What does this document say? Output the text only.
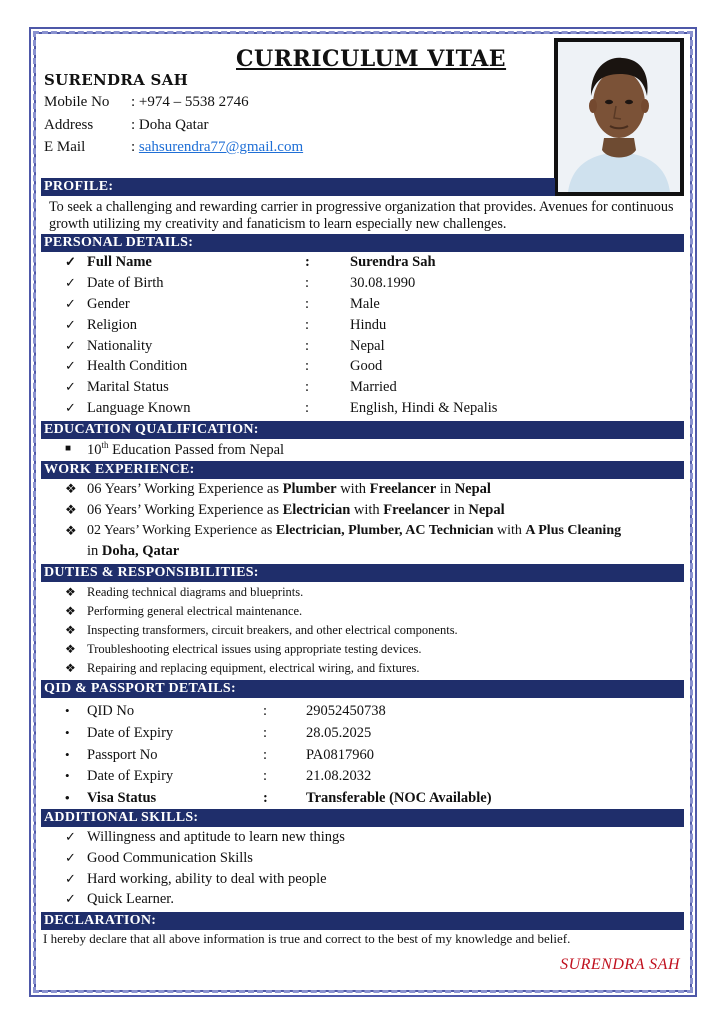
CURRICULUM VITAE
SURENDRA SAH
Mobile No : +974 – 5538 2746
Address	: Doha Qatar
E Mail	: sahsurendra77@gmail.com
PROFILE:
To seek a challenging and rewarding carrier in progressive organization that provides. Avenues for continuous growth utilizing my creativity and fanaticism to learn especially new challenges.
PERSONAL DETAILS:
✓ Full Name	:	Surendra Sah
✓ Date of Birth	:	30.08.1990
✓ Gender	:	Male
✓ Religion	:	Hindu
✓ Nationality	:	Nepal
✓ Health Condition	:	Good
✓ Marital Status	:	Married
✓ Language Known	:	English, Hindi & Nepalis
EDUCATION QUALIFICATION:
■ 10th Education Passed from Nepal
WORK EXPERIENCE:
❖ 06 Years’ Working Experience as Plumber with Freelancer in Nepal
❖ 06 Years’ Working Experience as Electrician with Freelancer in Nepal
❖ 02 Years’ Working Experience as Electrician, Plumber, AC Technician with A Plus Cleaning
in Doha, Qatar
DUTIES & RESPONSIBILITIES:
❖ Reading technical diagrams and blueprints.
❖ Performing general electrical maintenance.
❖ Inspecting transformers, circuit breakers, and other electrical components.
❖ Troubleshooting electrical issues using appropriate testing devices.
❖ Repairing and replacing equipment, electrical wiring, and fixtures.
QID & PASSPORT DETAILS:
• QID No	:	29052450738
• Date of Expiry	:	28.05.2025
• Passport No	:	PA0817960
• Date of Expiry	:	21.08.2032
• Visa Status	:	Transferable (NOC Available)
ADDITIONAL SKILLS:
✓ Willingness and aptitude to learn new things
✓ Good Communication Skills
✓ Hard working, ability to deal with people
✓ Quick Learner.
DECLARATION:
I hereby declare that all above information is true and correct to the best of my knowledge and belief.
SURENDRA SAH
